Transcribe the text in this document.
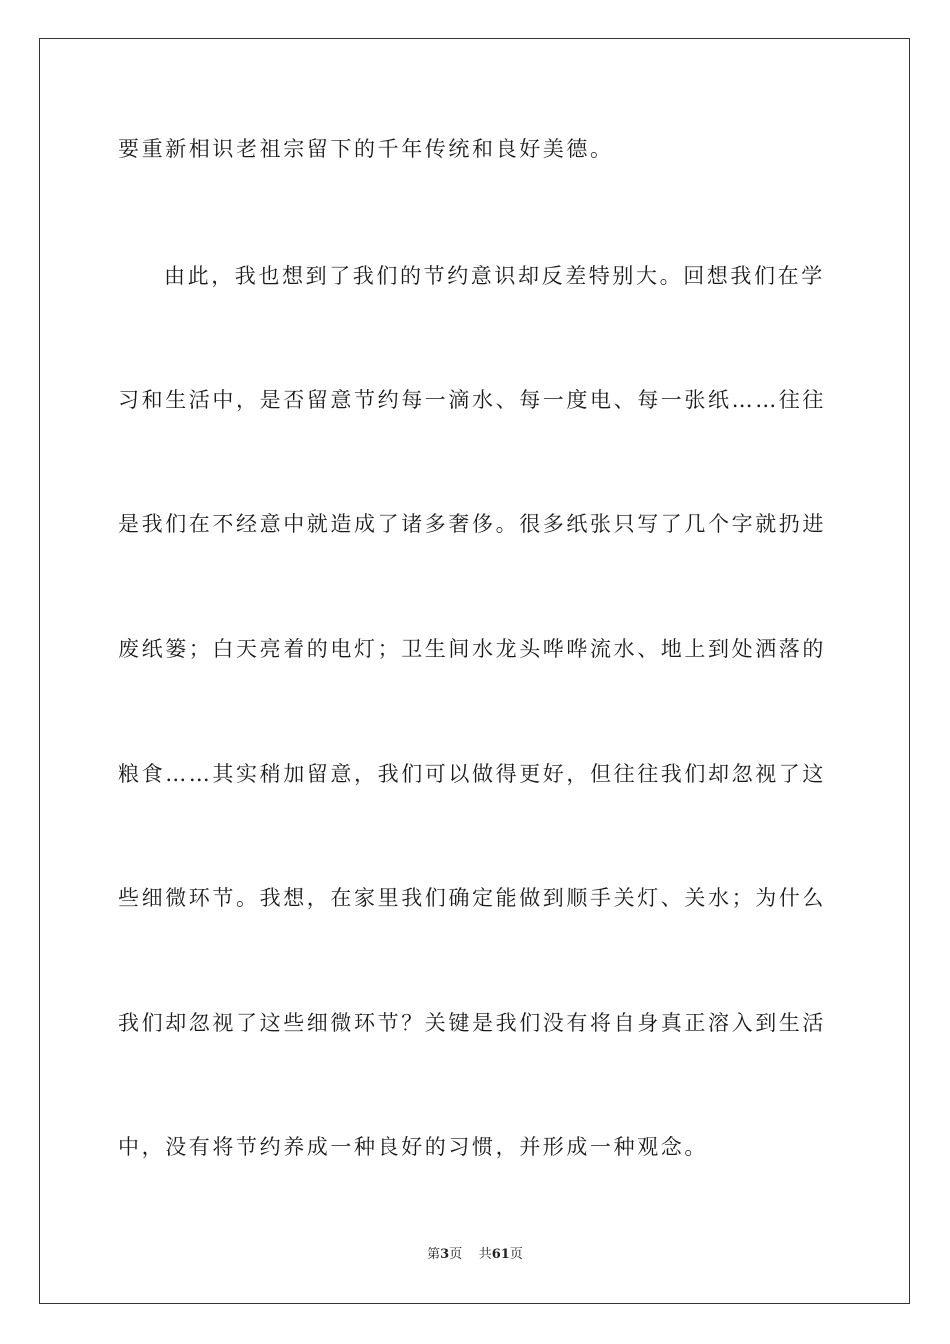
要重新相识老祖宗留下的千年传统和良好美德。
由此，我也想到了我们的节约意识却反差特别大。回想我们在学
习和生活中，是否留意节约每一滴水、每一度电、每一张纸……往往
是我们在不经意中就造成了诸多奢侈。很多纸张只写了几个字就扔进
废纸篓；白天亮着的电灯；卫生间水龙头哗哗流水、地上到处洒落的
粮食……其实稍加留意，我们可以做得更好，但往往我们却忽视了这
些细微环节。我想，在家里我们确定能做到顺手关灯、关水；为什么
我们却忽视了这些细微环节？关键是我们没有将自身真正溶入到生活
中，没有将节约养成一种良好的习惯，并形成一种观念。
第3页 共61页
